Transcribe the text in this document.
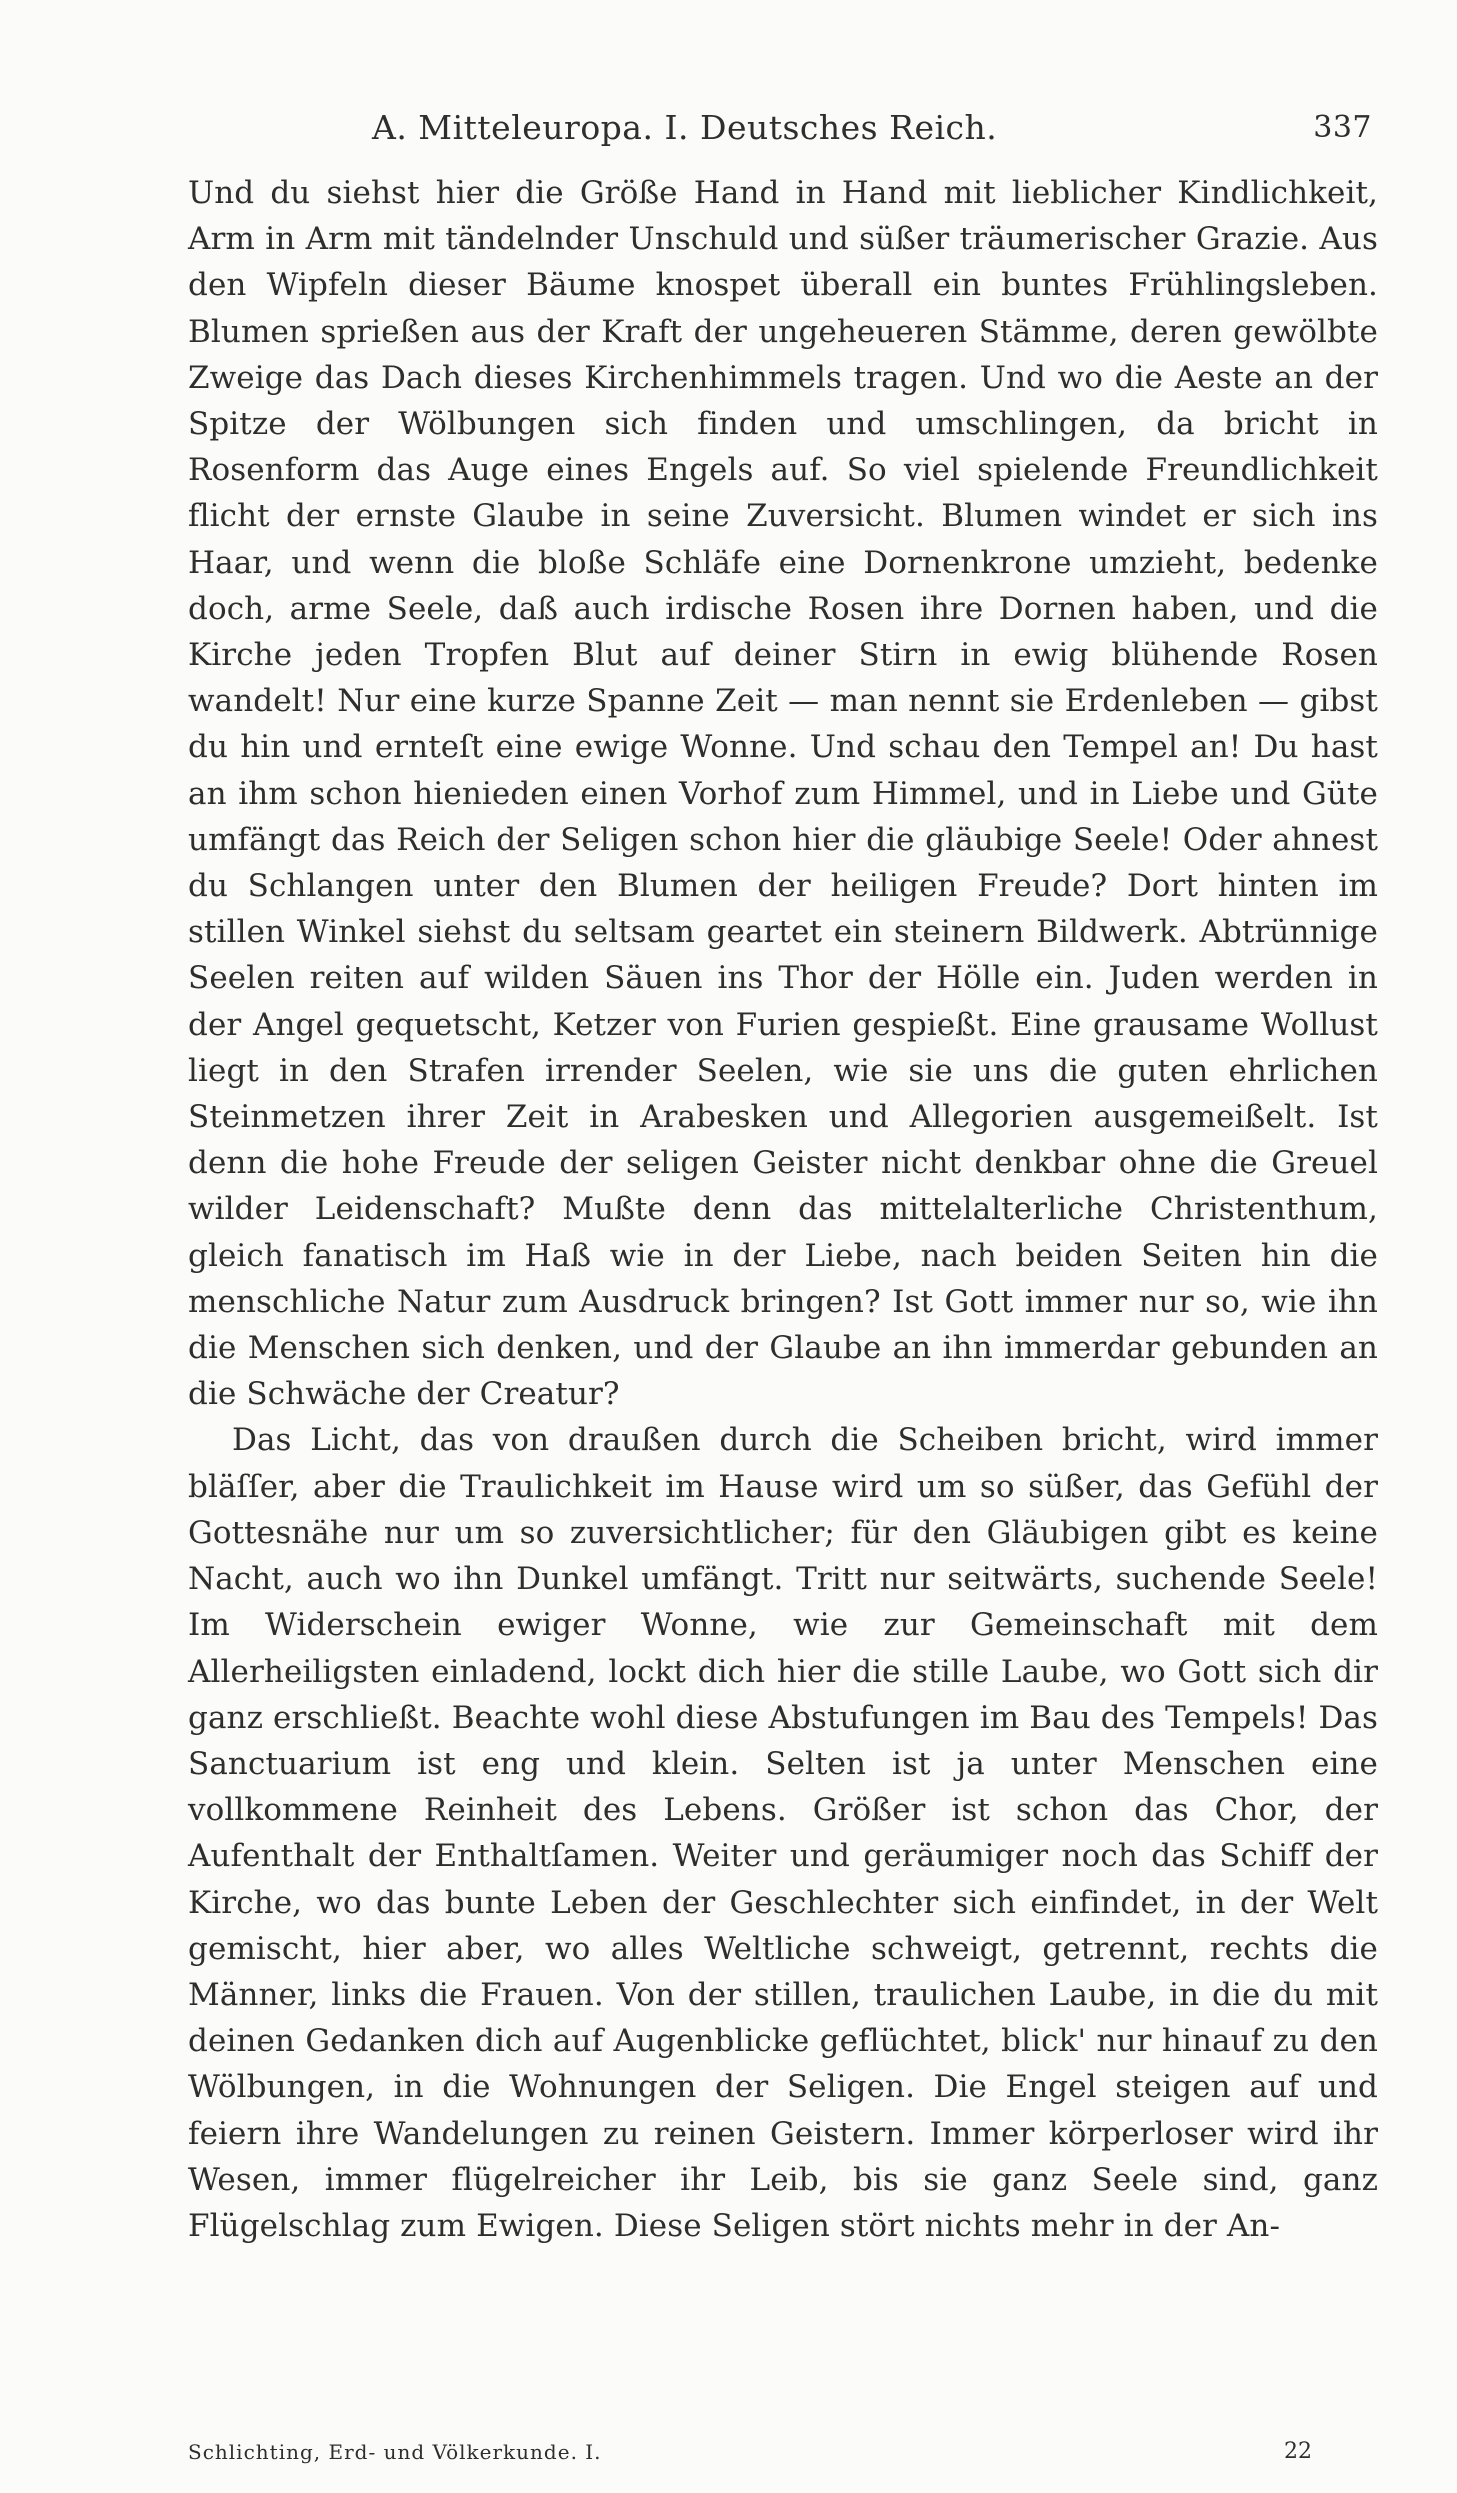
A. Mitteleuropa. I. Deutsches Reich.	337

Und du siehst hier die Größe Hand in Hand mit lieblicher Kindlichkeit, Arm in Arm mit tändelnder Unschuld und süßer träumerischer Grazie. Aus den Wipfeln dieser Bäume knospet überall ein buntes Frühlingsleben. Blumen sprießen aus der Kraft der ungeheueren Stämme, deren gewölbte Zweige das Dach dieses Kirchenhimmels tragen. Und wo die Aeste an der Spitze der Wölbungen sich finden und umschlingen, da bricht in Rosenform das Auge eines Engels auf. So viel spielende Freundlichkeit flicht der ernste Glaube in seine Zuversicht. Blumen windet er sich ins Haar, und wenn die bloße Schläfe eine Dornenkrone umzieht, bedenke doch, arme Seele, daß auch irdische Rosen ihre Dornen haben, und die Kirche jeden Tropfen Blut auf deiner Stirn in ewig blühende Rosen wandelt! Nur eine kurze Spanne Zeit — man nennt sie Erdenleben — gibst du hin und ernteſt eine ewige Wonne. Und schau den Tempel an! Du hast an ihm schon hienieden einen Vorhof zum Himmel, und in Liebe und Güte umfängt das Reich der Seligen schon hier die gläubige Seele! Oder ahnest du Schlangen unter den Blumen der heiligen Freude? Dort hinten im stillen Winkel siehst du seltsam geartet ein steinern Bildwerk. Abtrünnige Seelen reiten auf wilden Säuen ins Thor der Hölle ein. Juden werden in der Angel gequetscht, Ketzer von Furien gespießt. Eine grausame Wollust liegt in den Strafen irrender Seelen, wie sie uns die guten ehrlichen Steinmetzen ihrer Zeit in Arabesken und Allegorien ausgemeißelt. Ist denn die hohe Freude der seligen Geister nicht denkbar ohne die Greuel wilder Leidenschaft? Mußte denn das mittelalterliche Christenthum, gleich fanatisch im Haß wie in der Liebe, nach beiden Seiten hin die menschliche Natur zum Ausdruck bringen? Ist Gott immer nur so, wie ihn die Menschen sich denken, und der Glaube an ihn immerdar gebunden an die Schwäche der Creatur?

Das Licht, das von draußen durch die Scheiben bricht, wird immer bläſſer, aber die Traulichkeit im Hause wird um so süßer, das Gefühl der Gottesnähe nur um so zuversichtlicher; für den Gläubigen gibt es keine Nacht, auch wo ihn Dunkel umfängt. Tritt nur seitwärts, suchende Seele! Im Widerschein ewiger Wonne, wie zur Gemeinschaft mit dem Allerheiligsten einladend, lockt dich hier die stille Laube, wo Gott sich dir ganz erschließt. Beachte wohl diese Abstufungen im Bau des Tempels! Das Sanctuarium ist eng und klein. Selten ist ja unter Menschen eine vollkommene Reinheit des Lebens. Größer ist schon das Chor, der Aufenthalt der Enthaltſamen. Weiter und geräumiger noch das Schiff der Kirche, wo das bunte Leben der Geschlechter sich einfindet, in der Welt gemischt, hier aber, wo alles Weltliche schweigt, getrennt, rechts die Männer, links die Frauen. Von der stillen, traulichen Laube, in die du mit deinen Gedanken dich auf Augenblicke geflüchtet, blick' nur hinauf zu den Wölbungen, in die Wohnungen der Seligen. Die Engel steigen auf und feiern ihre Wandelungen zu reinen Geistern. Immer körperloser wird ihr Wesen, immer flügelreicher ihr Leib, bis sie ganz Seele sind, ganz Flügelschlag zum Ewigen. Diese Seligen stört nichts mehr in der An-

Schlichting, Erd- und Völkerkunde. I.	22
